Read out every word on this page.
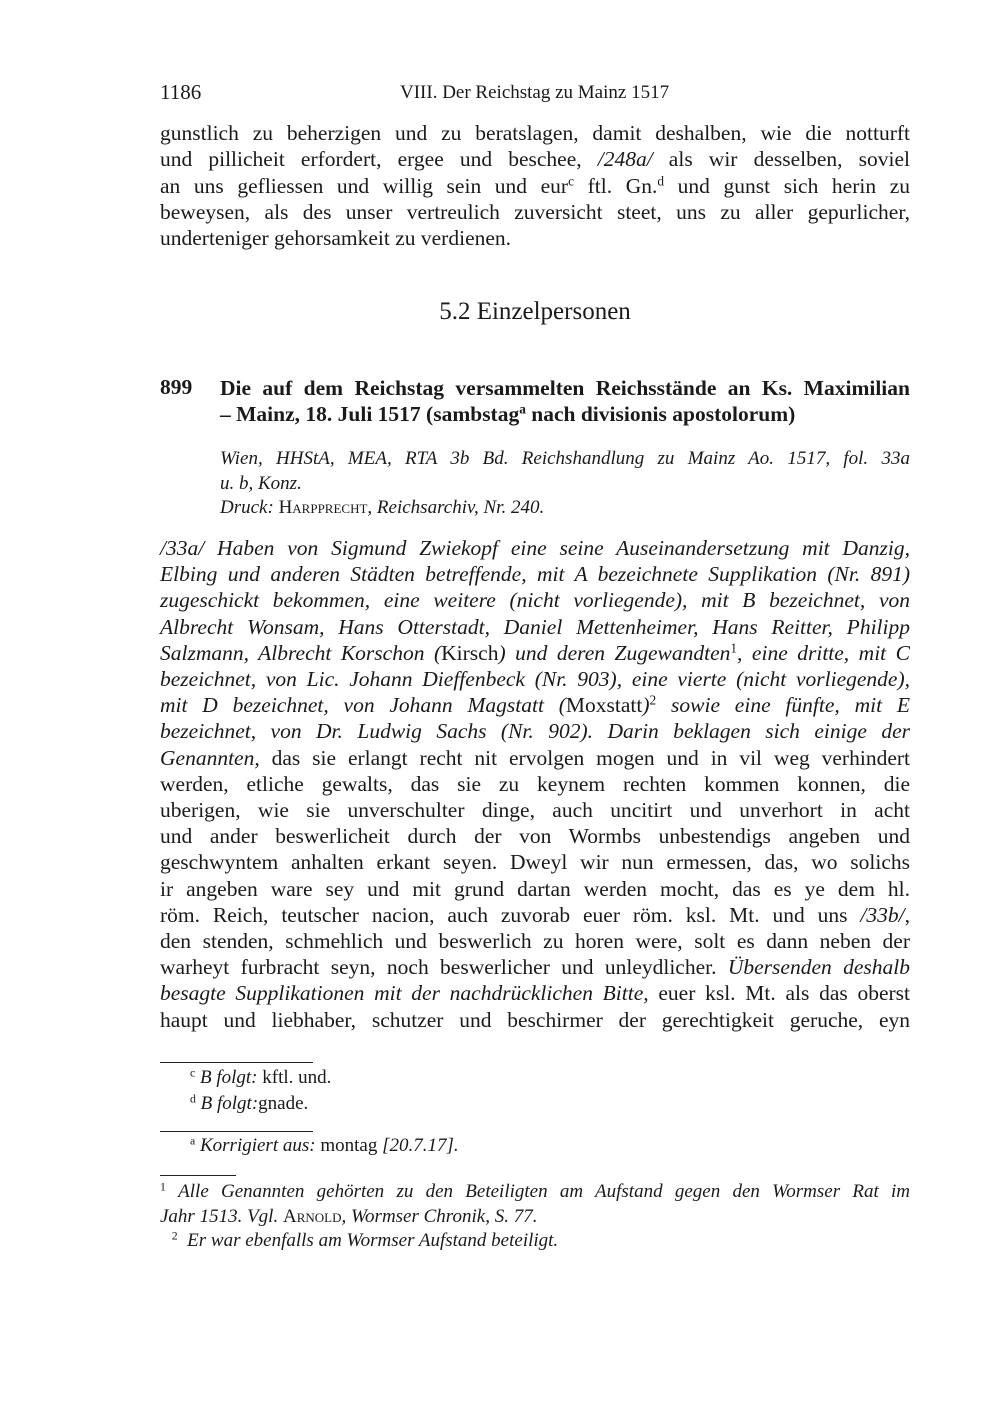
1186	VIII. Der Reichstag zu Mainz 1517
5.2 Einzelpersonen
899
gunstlich zu beherzigen und zu beratslagen, damit deshalben, wie die notturft
und pillicheit erfordert, ergee und beschee, /248a/ als wir desselben, soviel
an uns gefliessen und willig sein und eur$^c$ ftl. Gn.$^d$ und gunst sich herin zu
beweysen, als des unser vertreulich zuversicht steet, uns zu aller gepurlicher,
underteniger gehorsamkeit zu verdienen.
Die auf dem Reichstag versammelten Reichsstände an Ks. Maximilian
– Mainz, 18. Juli 1517 (sambstag$^a$ nach divisionis apostolorum)
Wien, HHStA, MEA, RTA 3b Bd. Reichshandlung zu Mainz Ao. 1517, fol. 33a
u. b, Konz.
Druck: Harpprecht, Reichsarchiv, Nr. 240.
/33a/ Haben von Sigmund Zwiekopf eine seine Auseinandersetzung mit Danzig,
Elbing und anderen Städten betreffende, mit A bezeichnete Supplikation (Nr. 891)
zugeschickt bekommen, eine weitere (nicht vorliegende), mit B bezeichnet, von
Albrecht Wonsam, Hans Otterstadt, Daniel Mettenheimer, Hans Reitter, Philipp
Salzmann, Albrecht Korschon (Kirsch) und deren Zugewandten$^1$, eine dritte, mit C
bezeichnet, von Lic. Johann Dieffenbeck (Nr. 903), eine vierte (nicht vorliegende),
mit D bezeichnet, von Johann Magstatt (Moxstatt)$^2$ sowie eine fünfte, mit E
bezeichnet, von Dr. Ludwig Sachs (Nr. 902). Darin beklagen sich einige der
Genannten, das sie erlangt recht nit ervolgen mogen und in vil weg verhindert
werden, etliche gewalts, das sie zu keynem rechten kommen konnen, die
uberigen, wie sie unverschulter dinge, auch uncitirt und unverhort in acht
und ander beswerlicheit durch der von Wormbs unbestendigs angeben und
geschwyntem anhalten erkant seyen. Dweyl wir nun ermessen, das, wo solichs
ir angeben ware sey und mit grund dartan werden mocht, das es ye dem hl.
röm. Reich, teutscher nacion, auch zuvorab euer röm. ksl. Mt. und uns /33b/,
den stenden, schmehlich und beswerlich zu horen were, solt es dann neben der
warheyt furbracht seyn, noch beswerlicher und unleydlicher. Übersenden deshalb
besagte Supplikationen mit der nachdrücklichen Bitte, euer ksl. Mt. als das oberst
haupt und liebhaber, schutzer und beschirmer der gerechtigkeit geruche, eyn
$^c$ B folgt: kftl. und.
$^d$ B folgt:gnade.
$^a$ Korrigiert aus: montag [20.7.17].
$^1$ Alle Genannten gehörten zu den Beteiligten am Aufstand gegen den Wormser Rat im
Jahr 1513. Vgl. Arnold, Wormser Chronik, S. 77.
$^2$ Er war ebenfalls am Wormser Aufstand beteiligt.
